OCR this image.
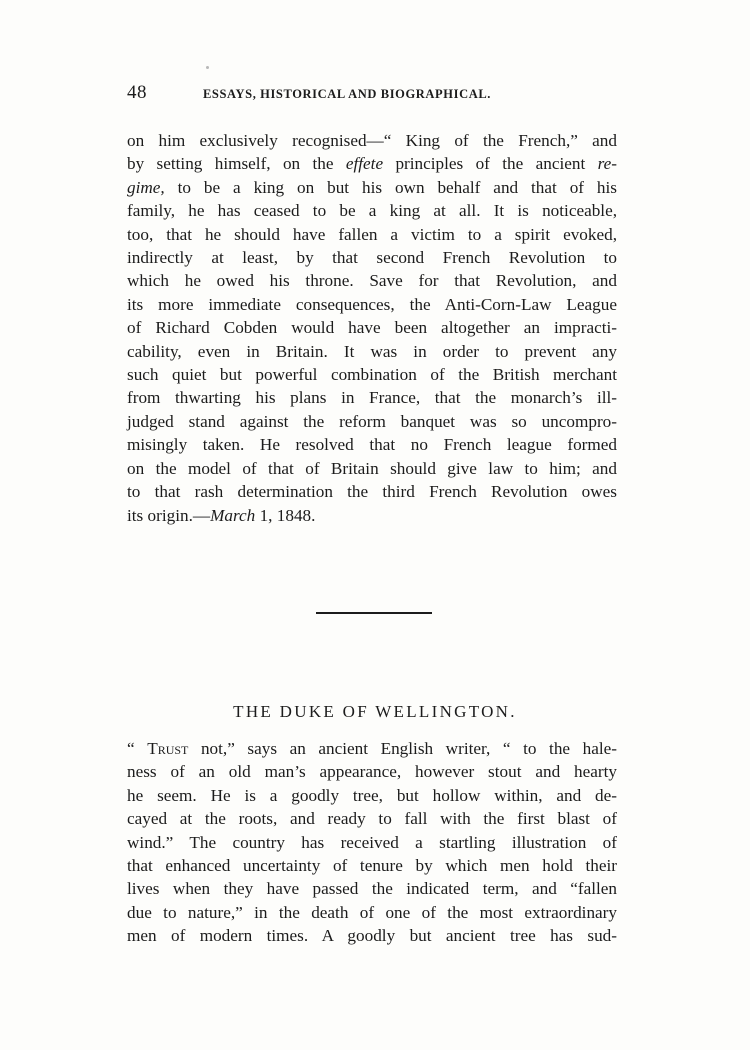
48	ESSAYS, HISTORICAL AND BIOGRAPHICAL.
on him exclusively recognised—“ King of the French,” and
by setting himself, on the effete principles of the ancient re-
gime, to be a king on but his own behalf and that of his
family, he has ceased to be a king at all. It is noticeable,
too, that he should have fallen a victim to a spirit evoked,
indirectly at least, by that second French Revolution to
which he owed his throne. Save for that Revolution, and
its more immediate consequences, the Anti-Corn-Law League
of Richard Cobden would have been altogether an impracti-
cability, even in Britain. It was in order to prevent any
such quiet but powerful combination of the British merchant
from thwarting his plans in France, that the monarch’s ill-
judged stand against the reform banquet was so uncompro-
misingly taken. He resolved that no French league formed
on the model of that of Britain should give law to him; and
to that rash determination the third French Revolution owes
its origin.—March 1, 1848.
THE DUKE OF WELLINGTON.
“ Trust not,” says an ancient English writer, “ to the hale-
ness of an old man’s appearance, however stout and hearty
he seem. He is a goodly tree, but hollow within, and de-
cayed at the roots, and ready to fall with the first blast of
wind.” The country has received a startling illustration of
that enhanced uncertainty of tenure by which men hold their
lives when they have passed the indicated term, and “fallen
due to nature,” in the death of one of the most extraordinary
men of modern times. A goodly but ancient tree has sud-
